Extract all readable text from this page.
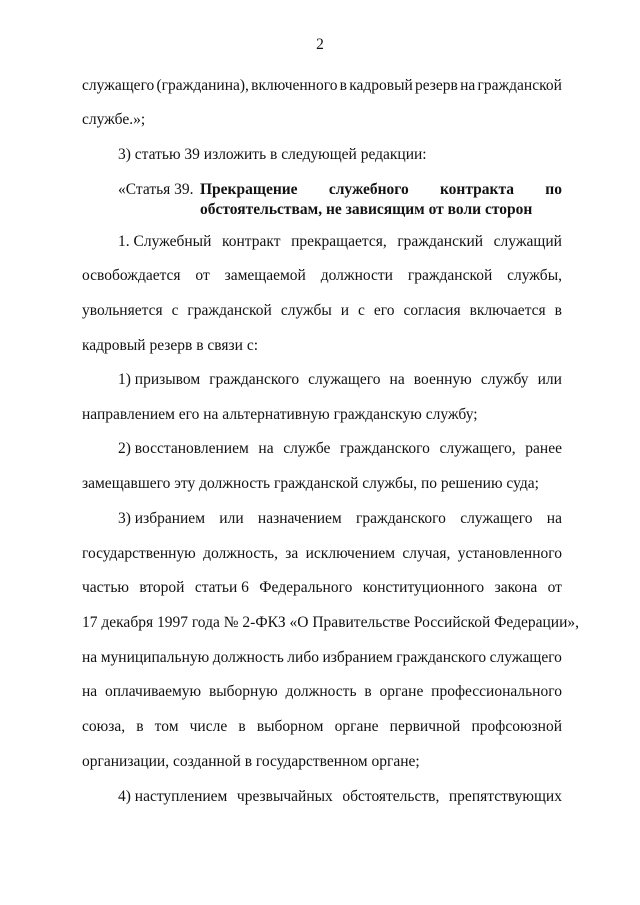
2
служащего (гражданина), включенного в кадровый резерв на гражданской
службе.»;
3) статью 39 изложить в следующей редакции:
«Статья 39. Прекращение служебного контракта по
обстоятельствам, не зависящим от воли сторон
1. Служебный контракт прекращается, гражданский служащий
освобождается от замещаемой должности гражданской службы,
увольняется с гражданской службы и с его согласия включается в
кадровый резерв в связи с:
1) призывом гражданского служащего на военную службу или
направлением его на альтернативную гражданскую службу;
2) восстановлением на службе гражданского служащего, ранее
замещавшего эту должность гражданской службы, по решению суда;
3) избранием или назначением гражданского служащего на
государственную должность, за исключением случая, установленного
частью второй статьи 6 Федерального конституционного закона от
17 декабря 1997 года № 2-ФКЗ «О Правительстве Российской Федерации»,
на муниципальную должность либо избранием гражданского служащего
на оплачиваемую выборную должность в органе профессионального
союза, в том числе в выборном органе первичной профсоюзной
организации, созданной в государственном органе;
4) наступлением чрезвычайных обстоятельств, препятствующих
